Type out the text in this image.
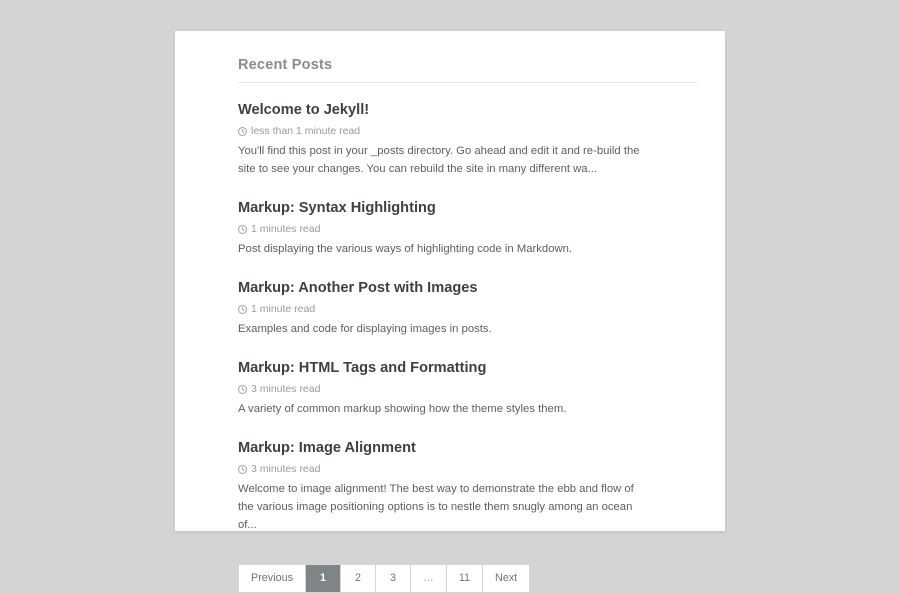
Recent Posts
Welcome to Jekyll!
less than 1 minute read

You'll find this post in your _posts directory. Go ahead and edit it and re-build the site to see your changes. You can rebuild the site in many different wa...

Markup: Syntax Highlighting
1 minutes read

Post displaying the various ways of highlighting code in Markdown.

Markup: Another Post with Images
1 minute read

Examples and code for displaying images in posts.

Markup: HTML Tags and Formatting
3 minutes read

A variety of common markup showing how the theme styles them.

Markup: Image Alignment
3 minutes read

Welcome to image alignment! The best way to demonstrate the ebb and flow of the various image positioning options is to nestle them snugly among an ocean of...

Previous	1	2	3	…	11	Next
